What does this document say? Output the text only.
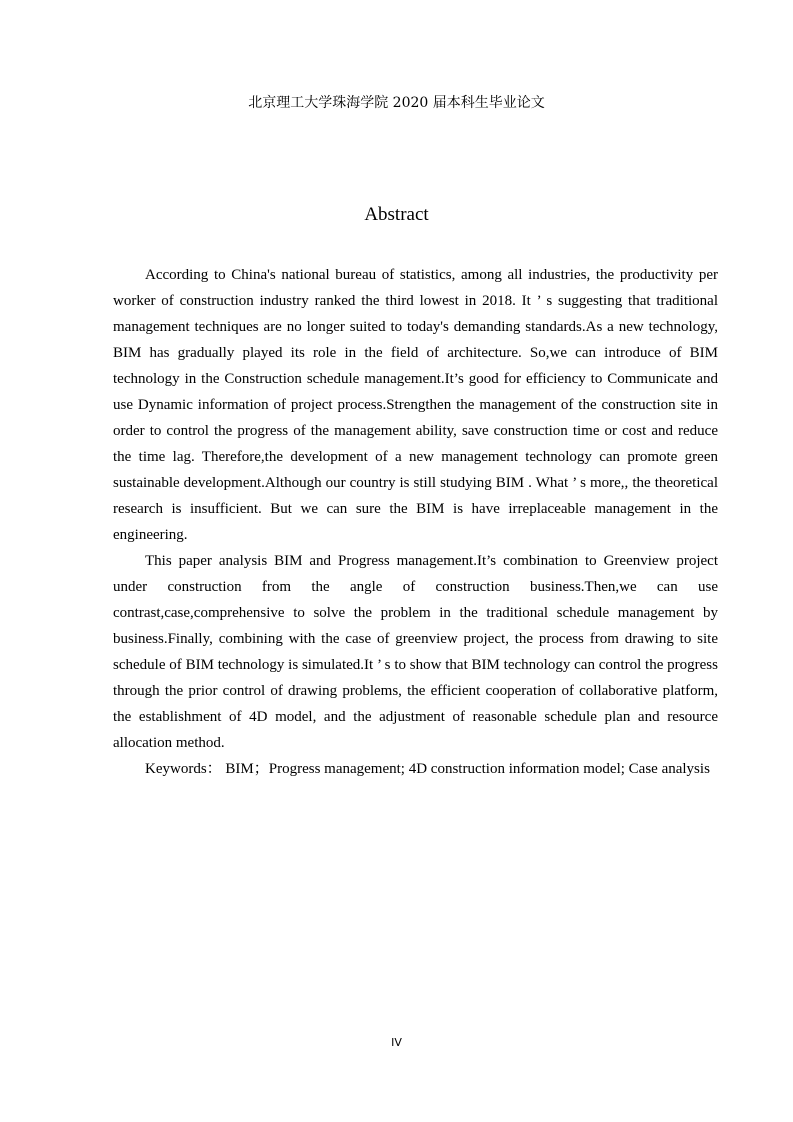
北京理工大学珠海学院 2020 届本科生毕业论文
Abstract

According to China's national bureau of statistics, among all industries, the productivity per worker of construction industry ranked the third lowest in 2018. It ’ s suggesting that traditional management techniques are no longer suited to today's demanding standards.As a new technology, BIM has gradually played its role in the field of architecture. So,we can introduce of BIM technology in the Construction schedule management.It’s good for efficiency to Communicate and use Dynamic information of project process.Strengthen the management of the construction site in order to control the progress of the management ability, save construction time or cost and reduce the time lag. Therefore,the development of a new management technology can promote green sustainable development.Although our country is still studying BIM . What ’ s more,, the theoretical research is insufficient. But we can sure the BIM is have irreplaceable management in the engineering.

This paper analysis BIM and Progress management.It’s combination to Greenview project under construction from the angle of construction business.Then,we can use contrast,case,comprehensive to solve the problem in the traditional schedule management by business.Finally, combining with the case of greenview project, the process from drawing to site schedule of BIM technology is simulated.It ’ s to show that BIM technology can control the progress through the prior control of drawing problems, the efficient cooperation of collaborative platform, the establishment of 4D model, and the adjustment of reasonable schedule plan and resource allocation method.

Keywords： BIM；Progress management; 4D construction information model; Case analysis

IV
